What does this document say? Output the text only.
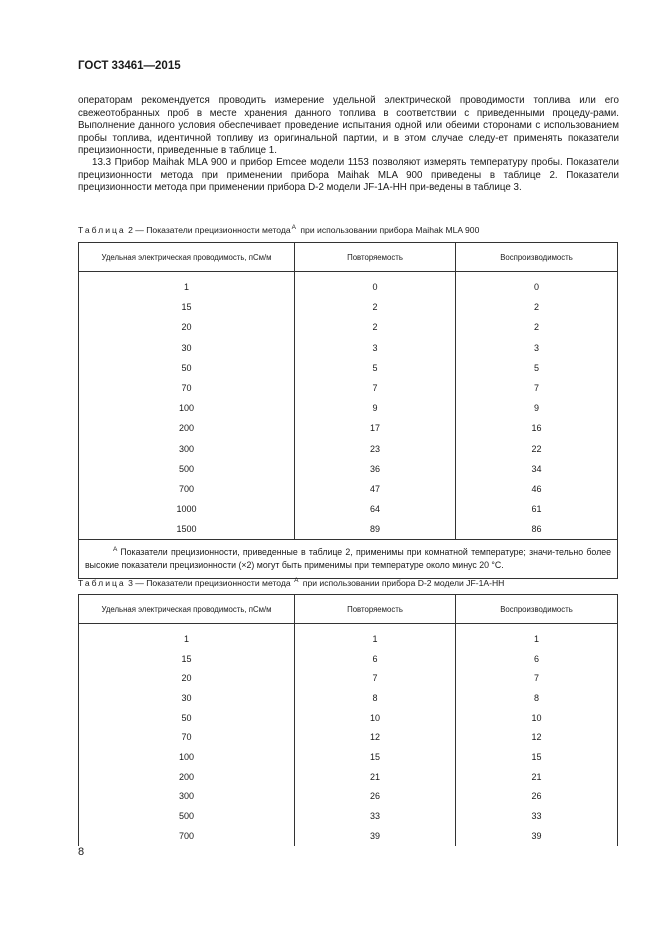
ГОСТ 33461—2015

операторам рекомендуется проводить измерение удельной электрической проводимости топлива или его свежеотобранных проб в месте хранения данного топлива в соответствии с приведенными процеду-рами. Выполнение данного условия обеспечивает проведение испытания одной или обеими сторонами с использованием пробы топлива, идентичной топливу из оригинальной партии, и в этом случае следу-ет применять показатели прецизионности, приведенные в таблице 1.

13.3 Прибор Maihak MLA 900 и прибор Emcee модели 1153 позволяют измерять температуру пробы. Показатели прецизионности метода при применении прибора Maihak MLA 900 приведены в таблице 2. Показатели прецизионности метода при применении прибора D-2 модели JF-1A-HH при-ведены в таблице 3.

Таблица 2 — Показатели прецизионности метода$^A$ при использовании прибора Maihak MLA 900
Удельная электрическая проводимость, пСм/м	Повторяемость	Воспроизводимость
1	0	0
15	2	2
20	2	2
30	3	3
50	5	5
70	7	7
100	9	9
200	17	16
300	23	22
500	36	34
700	47	46
1000	64	61
1500	89	86
$^A$ Показатели прецизионности, приведенные в таблице 2, применимы при комнатной температуре; значи-тельно более высокие показатели прецизионности (×2) могут быть применимы при температуре около минус 20 °С.		
Таблица 3 — Показатели прецизионности метода $^A$ при использовании прибора D-2 модели JF-1A-HH
Удельная электрическая проводимость, пСм/м	Повторяемость	Воспроизводимость
1	1	1
15	6	6
20	7	7
30	8	8
50	10	10
70	12	12
100	15	15
200	21	21
300	26	26
500	33	33
700	39	39
8
